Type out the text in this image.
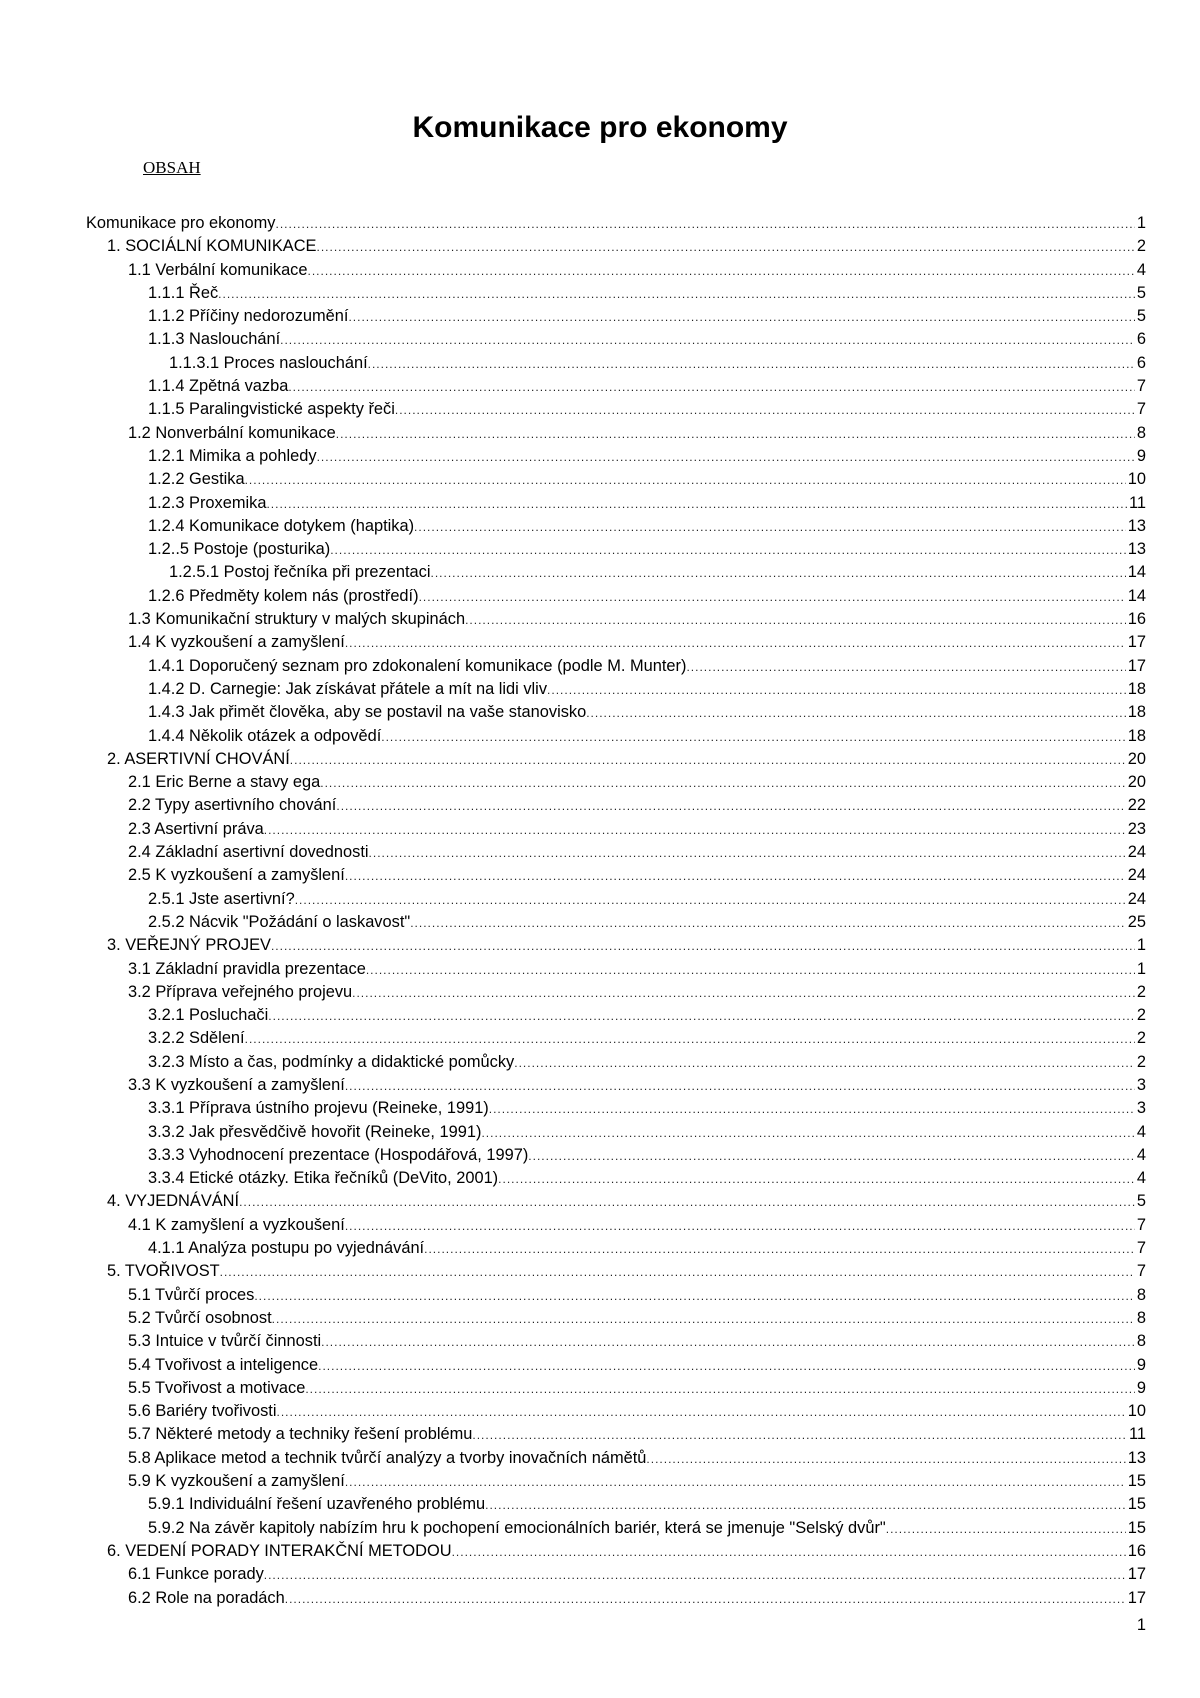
Komunikace pro ekonomy
OBSAH
Komunikace pro ekonomy .....	1
1. SOCIÁLNÍ KOMUNIKACE .....	2
1.1 Verbální komunikace .....	4
1.1.1 Řeč .....	5
1.1.2 Příčiny nedorozumění .....	5
1.1.3 Naslouchání .....	6
1.1.3.1 Proces naslouchání .....	6
1.1.4 Zpětná vazba .....	7
1.1.5 Paralingvistické aspekty řeči .....	7
1.2 Nonverbální komunikace .....	8
1.2.1 Mimika a pohledy .....	9
1.2.2 Gestika .....	10
1.2.3 Proxemika .....	11
1.2.4 Komunikace dotykem (haptika) .....	13
1.2..5 Postoje (posturika) .....	13
1.2.5.1 Postoj řečníka při prezentaci .....	14
1.2.6 Předměty kolem nás (prostředí) .....	14
1.3 Komunikační struktury v malých skupinách .....	16
1.4 K vyzkoušení a zamyšlení .....	17
1.4.1 Doporučený seznam pro zdokonalení komunikace (podle M. Munter) .....	17
1.4.2 D. Carnegie: Jak získávat přátele a mít na lidi vliv .....	18
1.4.3 Jak přimět člověka, aby se postavil na vaše stanovisko .....	18
1.4.4 Několik otázek a odpovědí .....	18
2. ASERTIVNÍ CHOVÁNÍ .....	20
2.1 Eric Berne a stavy ega .....	20
2.2 Typy asertivního chování .....	22
2.3 Asertivní práva .....	23
2.4 Základní asertivní dovednosti .....	24
2.5 K vyzkoušení a zamyšlení .....	24
2.5.1 Jste asertivní? .....	24
2.5.2 Nácvik "Požádání o laskavost" .....	25
3. VEŘEJNÝ PROJEV .....	1
3.1 Základní pravidla prezentace .....	1
3.2 Příprava veřejného projevu .....	2
3.2.1 Posluchači .....	2
3.2.2 Sdělení .....	2
3.2.3 Místo a čas, podmínky a didaktické pomůcky .....	2
3.3 K vyzkoušení a zamyšlení .....	3
3.3.1 Příprava ústního projevu (Reineke, 1991) .....	3
3.3.2 Jak přesvědčivě hovořit (Reineke, 1991) .....	4
3.3.3 Vyhodnocení prezentace (Hospodářová, 1997) .....	4
3.3.4 Etické otázky. Etika řečníků (DeVito, 2001) .....	4
4. VYJEDNÁVÁNÍ .....	5
4.1 K zamyšlení a vyzkoušení .....	7
4.1.1 Analýza postupu po vyjednávání .....	7
5. TVOŘIVOST .....	7
5.1 Tvůrčí proces .....	8
5.2 Tvůrčí osobnost .....	8
5.3 Intuice v tvůrčí činnosti .....	8
5.4 Tvořivost a inteligence .....	9
5.5 Tvořivost a motivace .....	9
5.6 Bariéry tvořivosti .....	10
5.7 Některé metody a techniky řešení problému .....	11
5.8 Aplikace metod a technik tvůrčí analýzy a tvorby inovačních námětů .....	13
5.9 K vyzkoušení a zamyšlení .....	15
5.9.1 Individuální řešení uzavřeného problému .....	15
5.9.2 Na závěr kapitoly nabízím hru k pochopení emocionálních bariér, která se jmenuje "Selský dvůr" .....	15
6. VEDENÍ PORADY INTERAKČNÍ METODOU .....	16
6.1 Funkce porady .....	17
6.2 Role na poradách .....	17
1
